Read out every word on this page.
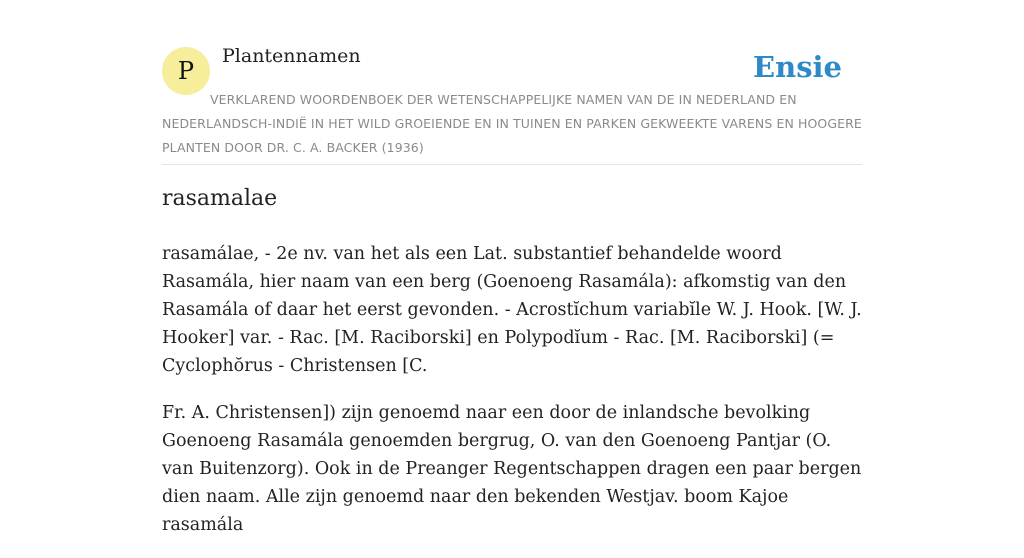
P
Plantennamen	Ensie
VERKLAREND WOORDENBOEK DER WETENSCHAPPELIJKE NAMEN VAN DE IN NEDERLAND EN NEDERLANDSCH-INDIË IN HET WILD GROEIENDE EN IN TUINEN EN PARKEN GEKWEEKTE VARENS EN HOOGERE PLANTEN DOOR DR. C. A. BACKER (1936)
rasamalae

rasamálae, - 2e nv. van het als een Lat. substantief behandelde woord Rasamála, hier naam van een berg (Goenoeng Rasamála): afkomstig van den Rasamála of daar het eerst gevonden. - Acrostĭchum variabĭle W. J. Hook. [W. J. Hooker] var. - Rac. [M. Raciborski] en Polypodĭum - Rac. [M. Raciborski] (= Cyclophŏrus - Christensen [C.

Fr. A. Christensen]) zijn genoemd naar een door de inlandsche bevolking Goenoeng Rasamála genoemden bergrug, O. van den Goenoeng Pantjar (O. van Buitenzorg). Ook in de Preanger Regentschappen dragen een paar bergen dien naam. Alle zijn genoemd naar den bekenden Westjav. boom Kajoe rasamála
